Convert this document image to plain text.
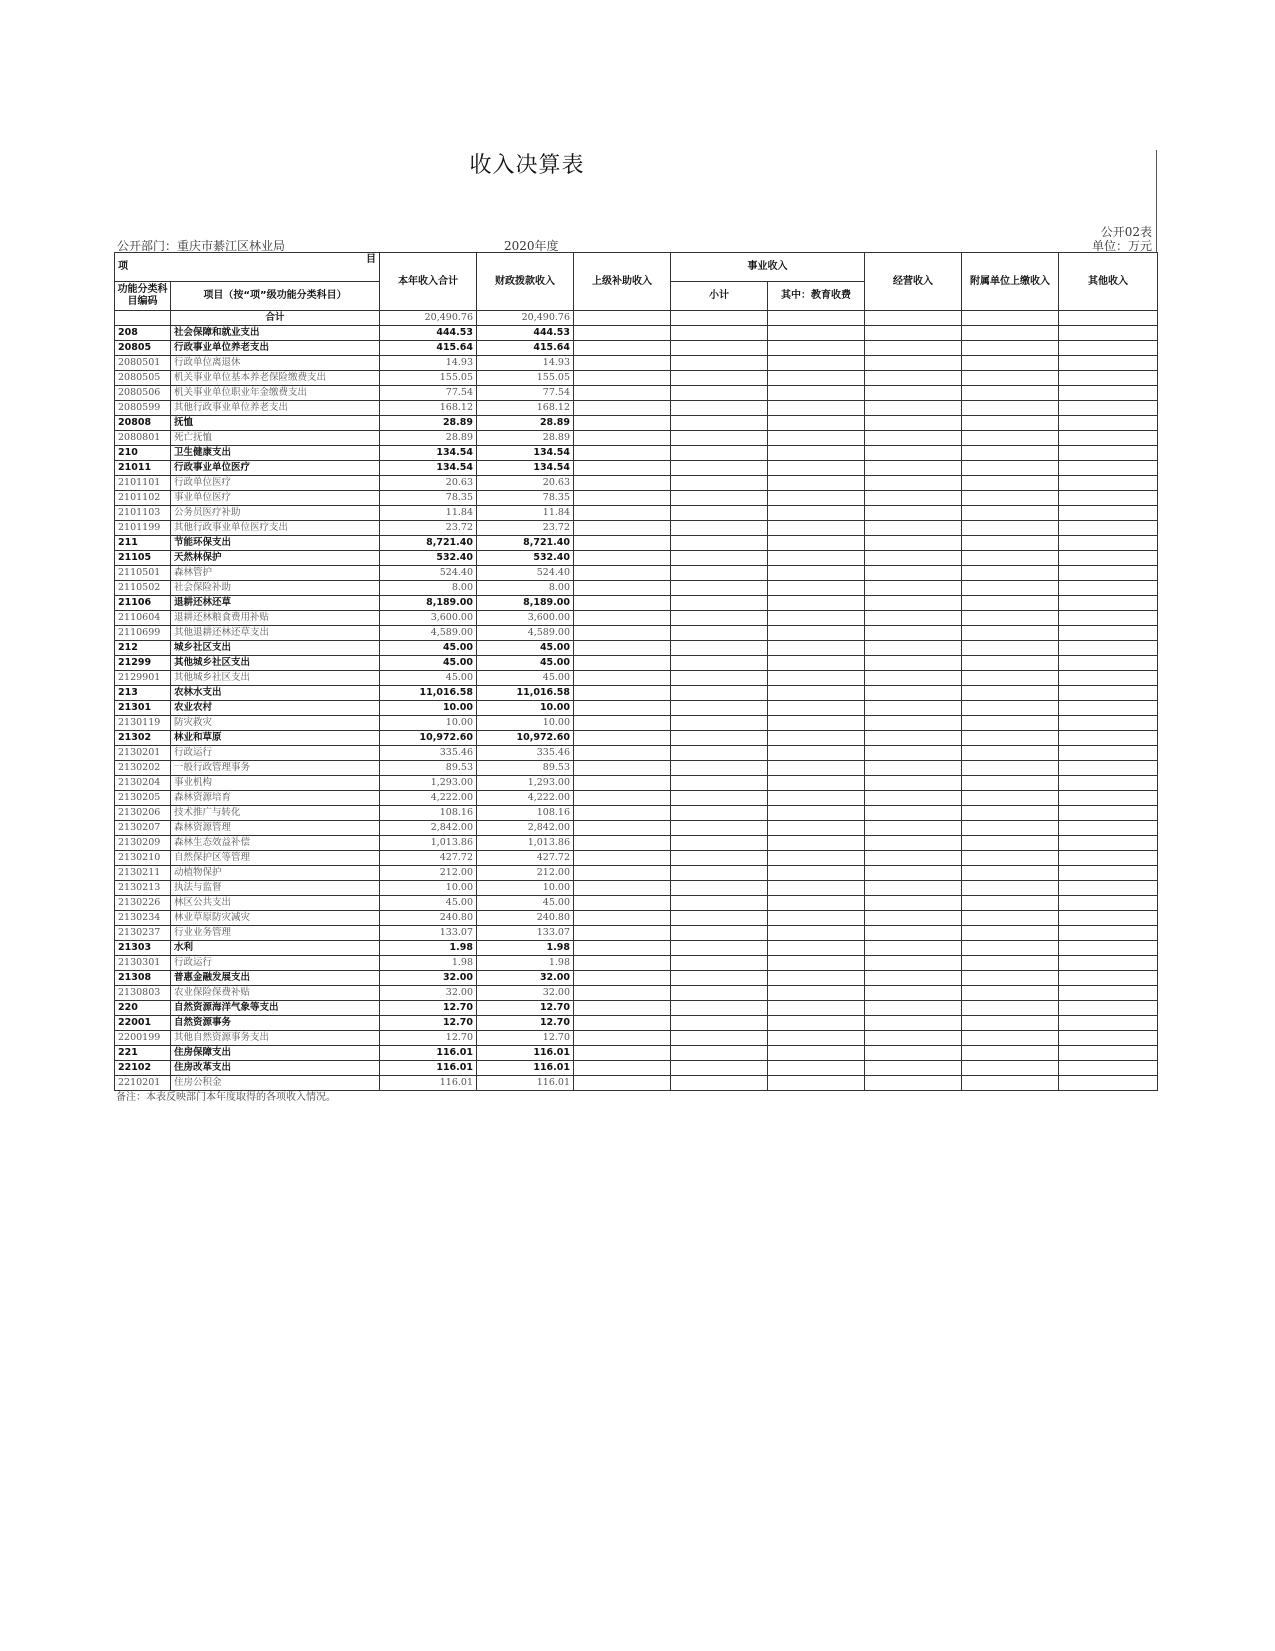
收入决算表
公开02表
公开部门：重庆市綦江区林业局	2020年度	单位：万元
项
目		本年收入合计	财政拨款收入	上级补助收入	事业收入		经营收入	附属单位上缴收入	其他收入
功能分类科目编码	项目（按“项”级功能分类科目）				小计	其中：教育收费			

	合计	20,490.76	20,490.76						
208	社会保障和就业支出	444.53	444.53						
20805	行政事业单位养老支出	415.64	415.64						
2080501	行政单位离退休	14.93	14.93						
2080505	机关事业单位基本养老保险缴费支出	155.05	155.05						
2080506	机关事业单位职业年金缴费支出	77.54	77.54						
2080599	其他行政事业单位养老支出	168.12	168.12						
20808	抚恤	28.89	28.89						
2080801	死亡抚恤	28.89	28.89						
210	卫生健康支出	134.54	134.54						
21011	行政事业单位医疗	134.54	134.54						
2101101	行政单位医疗	20.63	20.63						
2101102	事业单位医疗	78.35	78.35						
2101103	公务员医疗补助	11.84	11.84						
2101199	其他行政事业单位医疗支出	23.72	23.72						
211	节能环保支出	8,721.40	8,721.40						
21105	天然林保护	532.40	532.40						
2110501	森林管护	524.40	524.40						
2110502	社会保险补助	8.00	8.00						
21106	退耕还林还草	8,189.00	8,189.00						
2110604	退耕还林粮食费用补贴	3,600.00	3,600.00						
2110699	其他退耕还林还草支出	4,589.00	4,589.00						
212	城乡社区支出	45.00	45.00						
21299	其他城乡社区支出	45.00	45.00						
2129901	其他城乡社区支出	45.00	45.00						
213	农林水支出	11,016.58	11,016.58						
21301	农业农村	10.00	10.00						
2130119	防灾救灾	10.00	10.00						
21302	林业和草原	10,972.60	10,972.60						
2130201	行政运行	335.46	335.46						
2130202	一般行政管理事务	89.53	89.53						
2130204	事业机构	1,293.00	1,293.00						
2130205	森林资源培育	4,222.00	4,222.00						
2130206	技术推广与转化	108.16	108.16						
2130207	森林资源管理	2,842.00	2,842.00						
2130209	森林生态效益补偿	1,013.86	1,013.86						
2130210	自然保护区等管理	427.72	427.72						
2130211	动植物保护	212.00	212.00						
2130213	执法与监督	10.00	10.00						
2130226	林区公共支出	45.00	45.00						
2130234	林业草原防灾减灾	240.80	240.80						
2130237	行业业务管理	133.07	133.07						
21303	水利	1.98	1.98						
2130301	行政运行	1.98	1.98						
21308	普惠金融发展支出	32.00	32.00						
2130803	农业保险保费补贴	32.00	32.00						
220	自然资源海洋气象等支出	12.70	12.70						
22001	自然资源事务	12.70	12.70						
2200199	其他自然资源事务支出	12.70	12.70						
221	住房保障支出	116.01	116.01						
22102	住房改革支出	116.01	116.01						
2210201	住房公积金	116.01	116.01						
备注：本表反映部门本年度取得的各项收入情况。
